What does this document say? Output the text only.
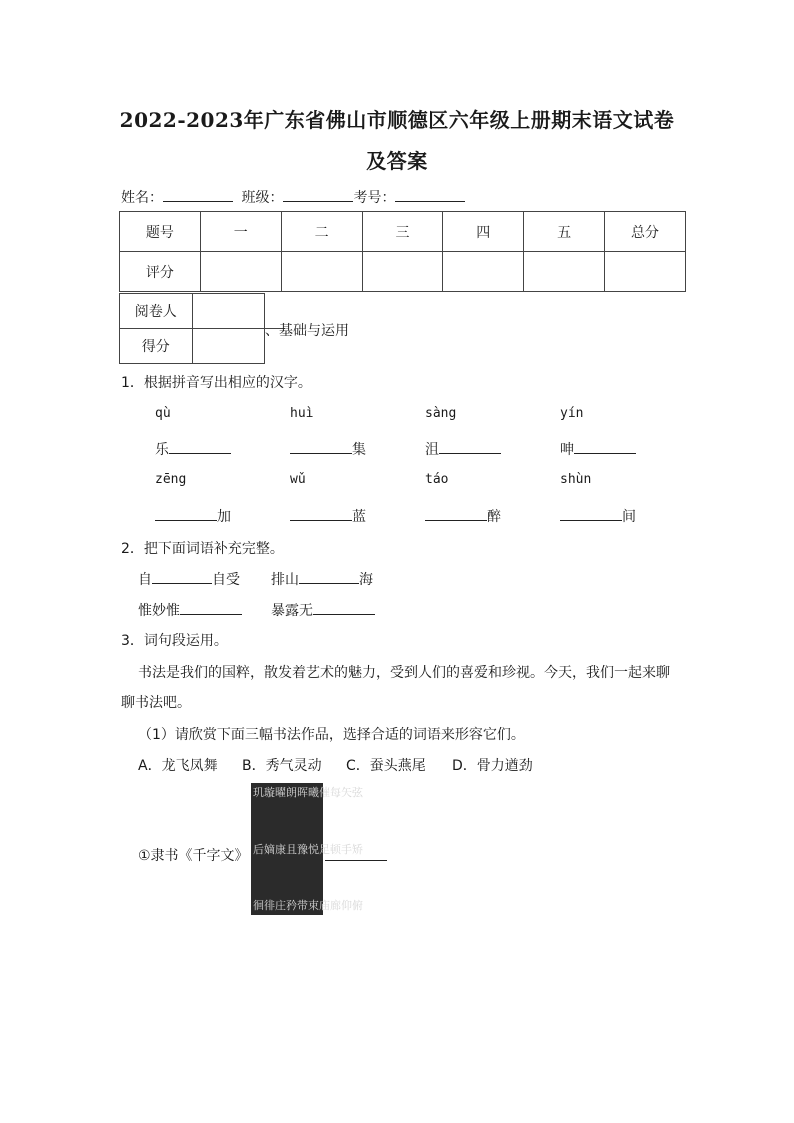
2022-2023年广东省佛山市顺德区六年级上册期末语文试卷
及答案
姓名：	班级：	考号：
题号	一	二	三	四	五	总分
评分						
阅卷人	
得分	
、基础与运用
1．根据拼音写出相应的汉字。
qù	huì	sàng	yín
乐	集	沮	呻
zēng	wǔ	táo	shùn
加	蓝	醉	间
2．把下面词语补充完整。
自	自受 排山	海
惟妙惟	暴露无
3．词句段运用。
书法是我们的国粹，散发着艺术的魅力，受到人们的喜爱和珍视。今天，我们一起来聊
聊书法吧。
（1）请欣赏下面三幅书法作品，选择合适的词语来形容它们。
A．龙飞凤舞 B．秀气灵动 C．蚕头燕尾 D．骨力遒劲
①隶书《千字文》
弦
矫
俯
矢
手
仰
每
顿
廊
催
足
庙
曦
悦
束
晖
豫
带
朗
且
矜
曜
康
庄
璇
嫡
徘
玑
后
徊
